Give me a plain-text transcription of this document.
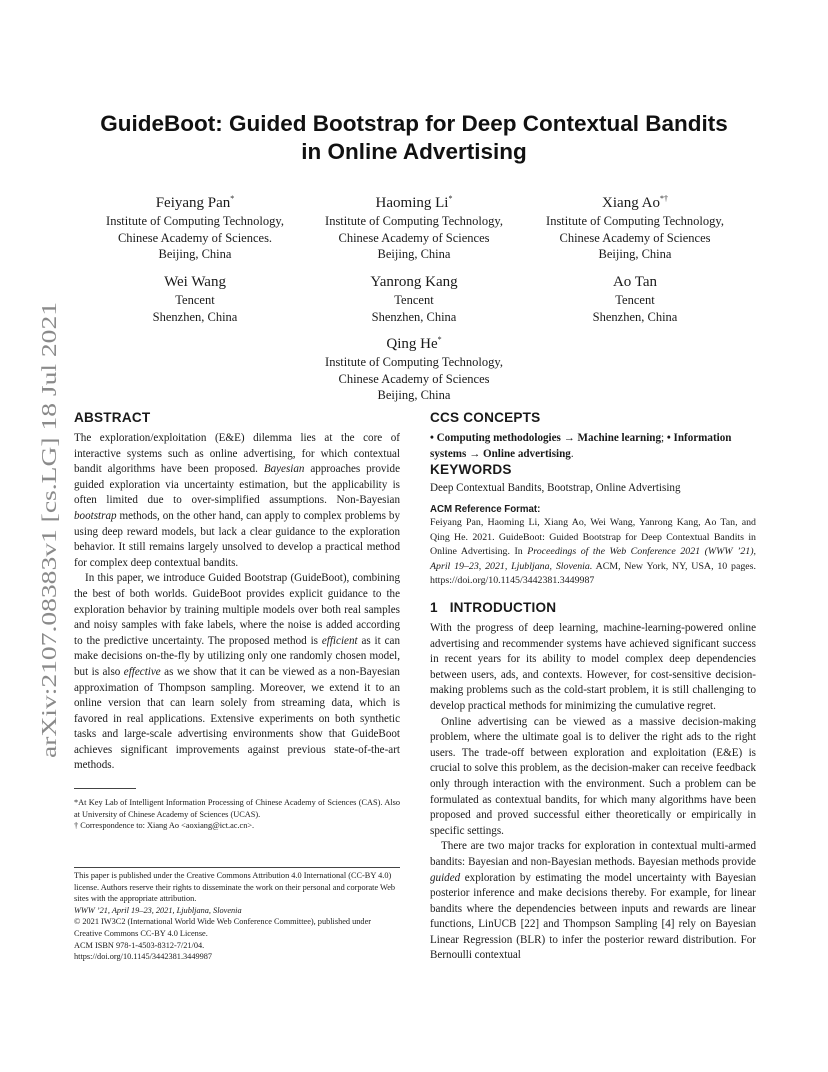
arXiv:2107.08383v1 [cs.LG] 18 Jul 2021
GuideBoot: Guided Bootstrap for Deep Contextual Bandits
in Online Advertising
Feiyang Pan*
Institute of Computing Technology,
Chinese Academy of Sciences.
Beijing, China
Haoming Li*
Institute of Computing Technology,
Chinese Academy of Sciences
Beijing, China
Xiang Ao*†
Institute of Computing Technology,
Chinese Academy of Sciences
Beijing, China
Wei Wang
Tencent
Shenzhen, China
Yanrong Kang
Tencent
Shenzhen, China
Ao Tan
Tencent
Shenzhen, China
Qing He*
Institute of Computing Technology,
Chinese Academy of Sciences
Beijing, China
ABSTRACT

The exploration/exploitation (E&E) dilemma lies at the core of interactive systems such as online advertising, for which contextual bandit algorithms have been proposed. Bayesian approaches provide guided exploration via uncertainty estimation, but the applicability is often limited due to over-simplified assumptions. Non-Bayesian bootstrap methods, on the other hand, can apply to complex problems by using deep reward models, but lack a clear guidance to the exploration behavior. It still remains largely unsolved to develop a practical method for complex deep contextual bandits.

In this paper, we introduce Guided Bootstrap (GuideBoot), combining the best of both worlds. GuideBoot provides explicit guidance to the exploration behavior by training multiple models over both real samples and noisy samples with fake labels, where the noise is added according to the predictive uncertainty. The proposed method is efficient as it can make decisions on-the-fly by utilizing only one randomly chosen model, but is also effective as we show that it can be viewed as a non-Bayesian approximation of Thompson sampling. Moreover, we extend it to an online version that can learn solely from streaming data, which is favored in real applications. Extensive experiments on both synthetic tasks and large-scale advertising environments show that GuideBoot achieves significant improvements against previous state-of-the-art methods.

*At Key Lab of Intelligent Information Processing of Chinese Academy of Sciences (CAS). Also at University of Chinese Academy of Sciences (UCAS).
† Correspondence to: Xiang Ao <aoxiang@ict.ac.cn>.
This paper is published under the Creative Commons Attribution 4.0 International (CC-BY 4.0) license. Authors reserve their rights to disseminate the work on their personal and corporate Web sites with the appropriate attribution.
WWW ’21, April 19–23, 2021, Ljubljana, Slovenia
© 2021 IW3C2 (International World Wide Web Conference Committee), published under Creative Commons CC-BY 4.0 License.
ACM ISBN 978-1-4503-8312-7/21/04.
https://doi.org/10.1145/3442381.3449987
CCS CONCEPTS
• Computing methodologies → Machine learning; • Information systems → Online advertising.
KEYWORDS
Deep Contextual Bandits, Bootstrap, Online Advertising
ACM Reference Format:
Feiyang Pan, Haoming Li, Xiang Ao, Wei Wang, Yanrong Kang, Ao Tan, and Qing He. 2021. GuideBoot: Guided Bootstrap for Deep Contextual Bandits in Online Advertising. In Proceedings of the Web Conference 2021 (WWW ’21), April 19–23, 2021, Ljubljana, Slovenia. ACM, New York, NY, USA, 10 pages. https://doi.org/10.1145/3442381.3449987
1   INTRODUCTION

With the progress of deep learning, machine-learning-powered online advertising and recommender systems have achieved significant success in recent years for its ability to model complex deep dependencies between users, ads, and contexts. However, for cost-sensitive decision-making problems such as the cold-start problem, it is still challenging to develop practical methods for minimizing the cumulative regret.

Online advertising can be viewed as a massive decision-making problem, where the ultimate goal is to deliver the right ads to the right users. The trade-off between exploration and exploitation (E&E) is crucial to solve this problem, as the decision-maker can receive feedback only through interaction with the environment. Such a problem can be formulated as contextual bandits, for which many algorithms have been proposed and proved successful either theoretically or empirically in specific settings.

There are two major tracks for exploration in contextual multi-armed bandits: Bayesian and non-Bayesian methods. Bayesian methods provide guided exploration by estimating the model uncertainty with Bayesian posterior inference and make decisions thereby. For example, for linear bandits where the dependencies between inputs and rewards are linear functions, LinUCB [22] and Thompson Sampling [4] rely on Bayesian Linear Regression (BLR) to infer the posterior reward distribution. For Bernoulli contextual
